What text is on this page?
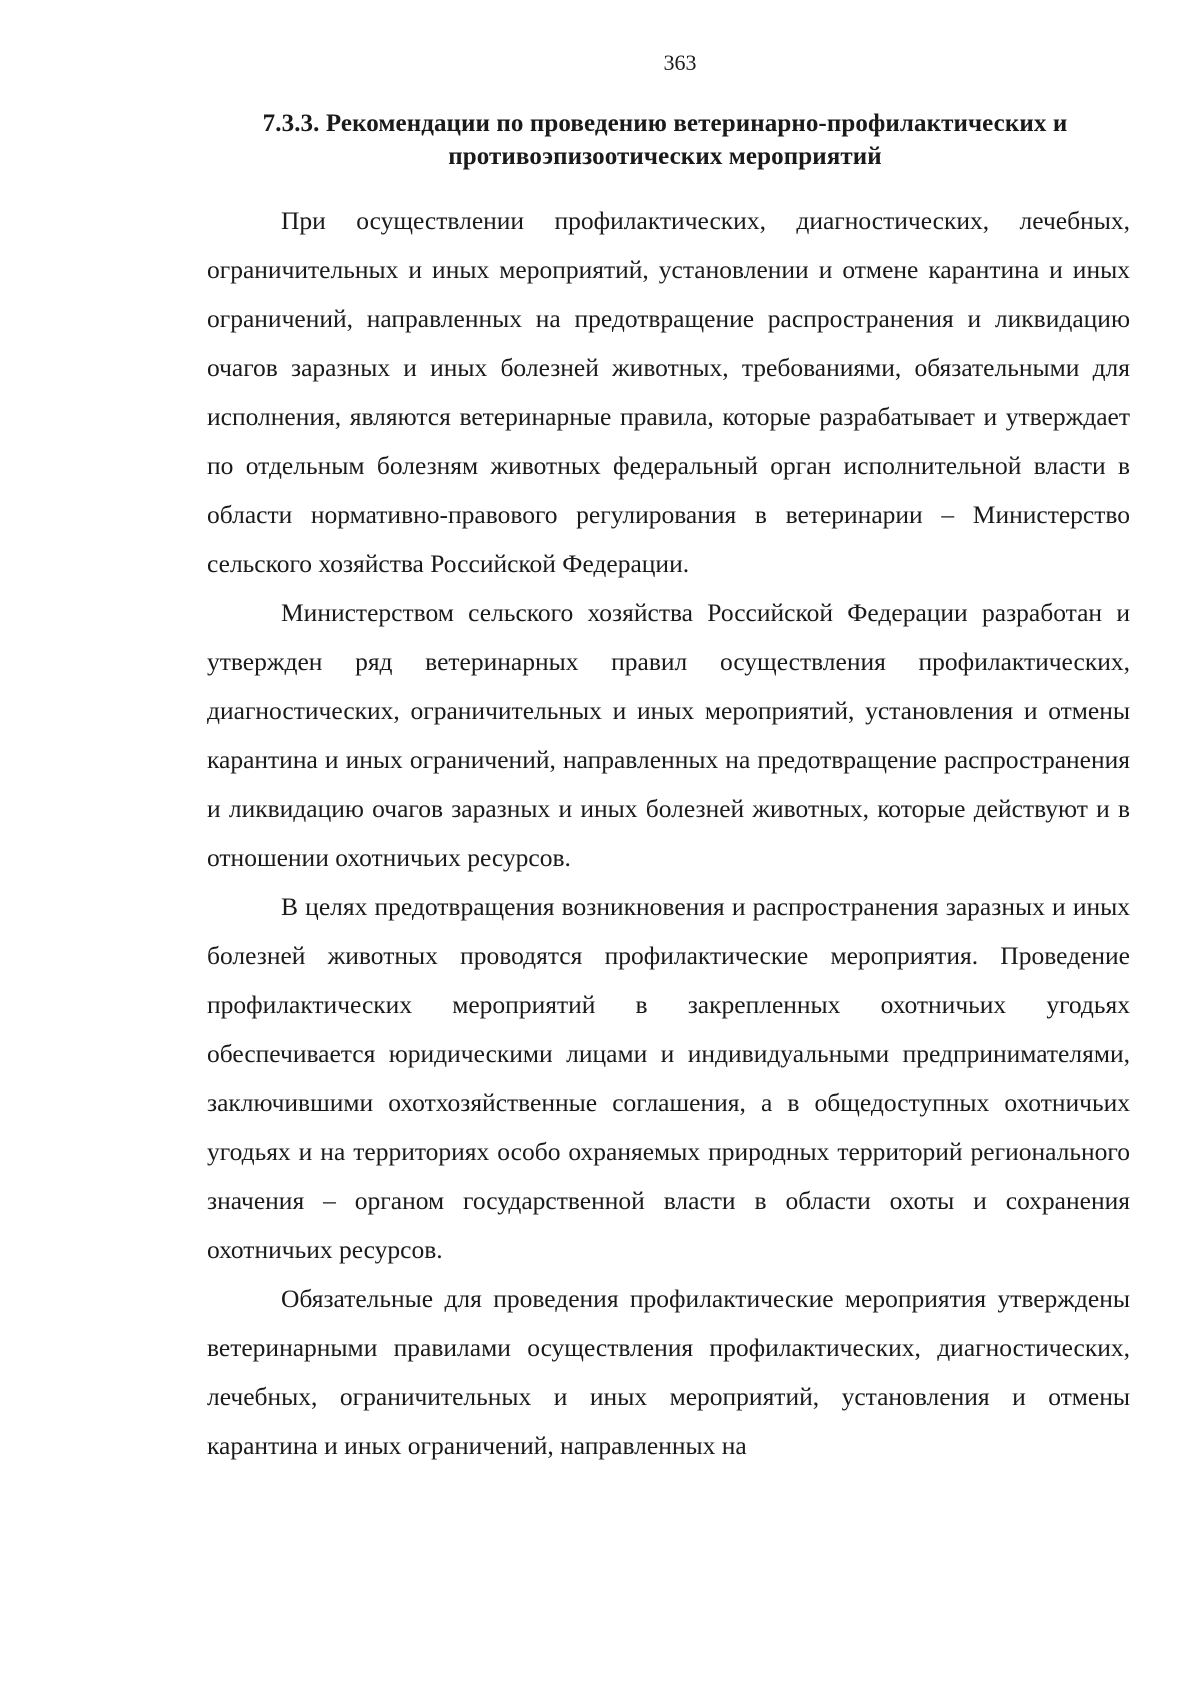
363
7.3.3. Рекомендации по проведению ветеринарно-профилактических и противоэпизоотических мероприятий

При осуществлении профилактических, диагностических, лечебных, ограничительных и иных мероприятий, установлении и отмене карантина и иных ограничений, направленных на предотвращение распространения и ликвидацию очагов заразных и иных болезней животных, требованиями, обязательными для исполнения, являются ветеринарные правила, которые разрабатывает и утверждает по отдельным болезням животных федеральный орган исполнительной власти в области нормативно-правового регулирования в ветеринарии – Министерство сельского хозяйства Российской Федерации.

Министерством сельского хозяйства Российской Федерации разработан и утвержден ряд ветеринарных правил осуществления профилактических, диагностических, ограничительных и иных мероприятий, установления и отмены карантина и иных ограничений, направленных на предотвращение распространения и ликвидацию очагов заразных и иных болезней животных, которые действуют и в отношении охотничьих ресурсов.

В целях предотвращения возникновения и распространения заразных и иных болезней животных проводятся профилактические мероприятия. Проведение профилактических мероприятий в закрепленных охотничьих угодьях обеспечивается юридическими лицами и индивидуальными предпринимателями, заключившими охотхозяйственные соглашения, а в общедоступных охотничьих угодьях и на территориях особо охраняемых природных территорий регионального значения – органом государственной власти в области охоты и сохранения охотничьих ресурсов.

Обязательные для проведения профилактические мероприятия утверждены ветеринарными правилами осуществления профилактических, диагностических, лечебных, ограничительных и иных мероприятий, установления и отмены карантина и иных ограничений, направленных на
